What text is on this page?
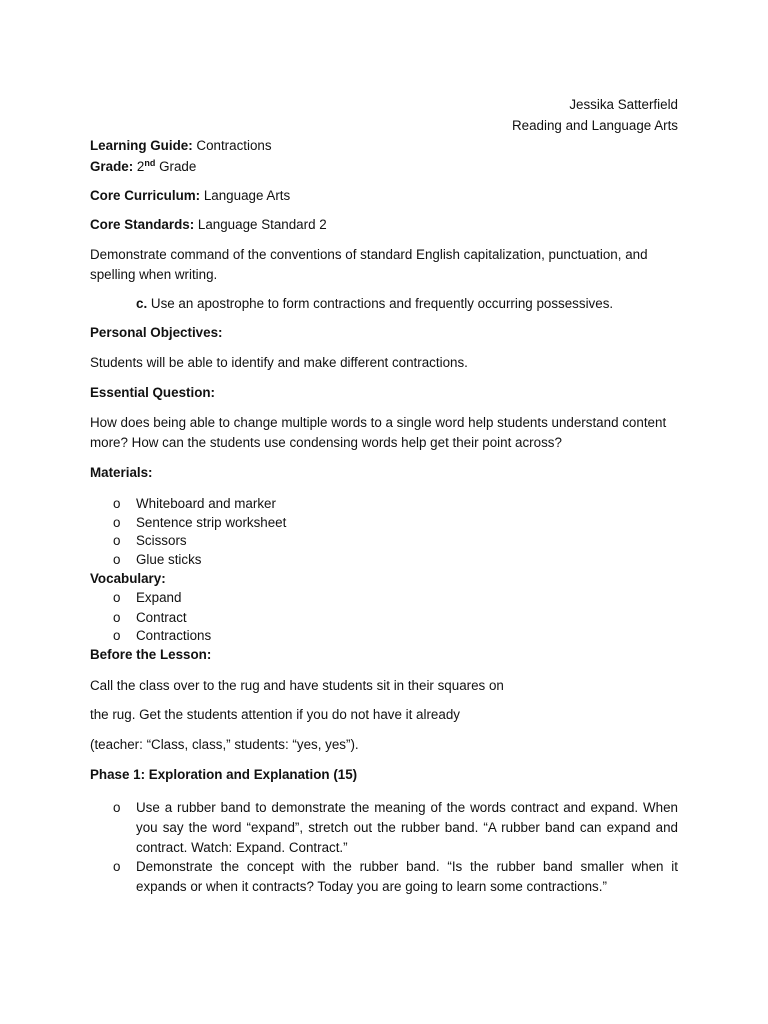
Jessika Satterfield
Reading and Language Arts
Learning Guide: Contractions
Grade: 2nd Grade
Core Curriculum: Language Arts
Core Standards: Language Standard 2
Demonstrate command of the conventions of standard English capitalization, punctuation, and
spelling when writing.
c. Use an apostrophe to form contractions and frequently occurring possessives.
Personal Objectives:
Students will be able to identify and make different contractions.
Essential Question:
How does being able to change multiple words to a single word help students understand content
more? How can the students use condensing words help get their point across?
Materials:
o	Whiteboard and marker
o	Sentence strip worksheet
o	Scissors
o	Glue sticks
Vocabulary:
o	Expand
o	Contract
o	Contractions
Before the Lesson:
Call the class over to the rug and have students sit in their squares on
the rug. Get the students attention if you do not have it already
(teacher: “Class, class,” students: “yes, yes”).
Phase 1: Exploration and Explanation (15)
o	Use a rubber band to demonstrate the meaning of the words contract and expand. When you say the word “expand”, stretch out the rubber band. “A rubber band can expand and contract. Watch: Expand. Contract.”
o	Demonstrate the concept with the rubber band. “Is the rubber band smaller when it expands or when it contracts? Today you are going to learn some contractions.”
